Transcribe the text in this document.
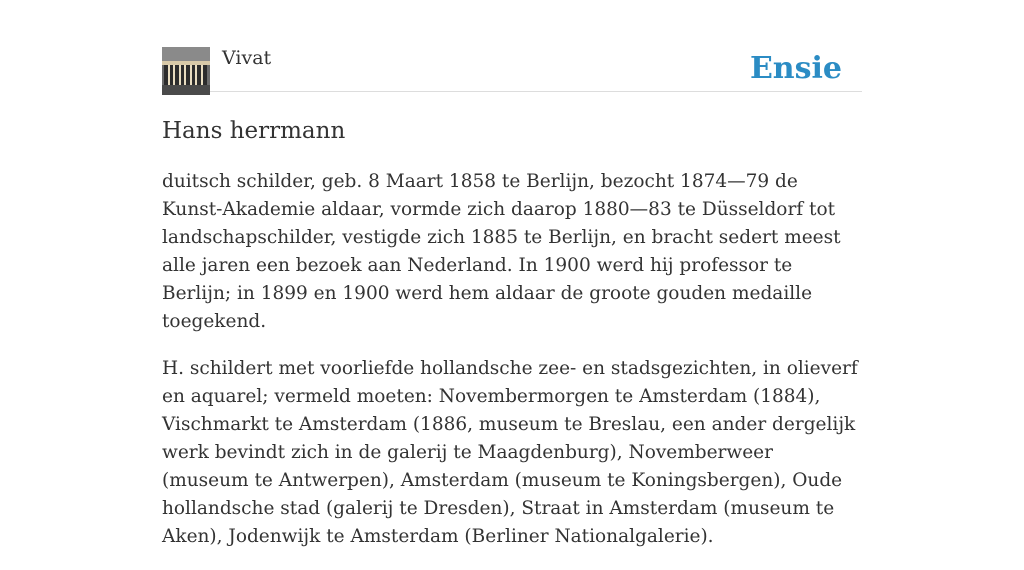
Vivat	Ensie
Hans herrmann

duitsch schilder, geb. 8 Maart 1858 te Berlijn, bezocht 1874—79 de Kunst-Akademie aldaar, vormde zich daarop 1880—83 te Düsseldorf tot landschapschilder, vestigde zich 1885 te Berlijn, en bracht sedert meest alle jaren een bezoek aan Nederland. In 1900 werd hij professor te Berlijn; in 1899 en 1900 werd hem aldaar de groote gouden medaille toegekend.

H. schildert met voorliefde hollandsche zee- en stadsgezichten, in olieverf en aquarel; vermeld moeten: Novembermorgen te Amsterdam (1884), Vischmarkt te Amsterdam (1886, museum te Breslau, een ander dergelijk werk bevindt zich in de galerij te Maagdenburg), Novemberweer (museum te Antwerpen), Amsterdam (museum te Koningsbergen), Oude hollandsche stad (galerij te Dresden), Straat in Amsterdam (museum te Aken), Jodenwijk te Amsterdam (Berliner Nationalgalerie).
